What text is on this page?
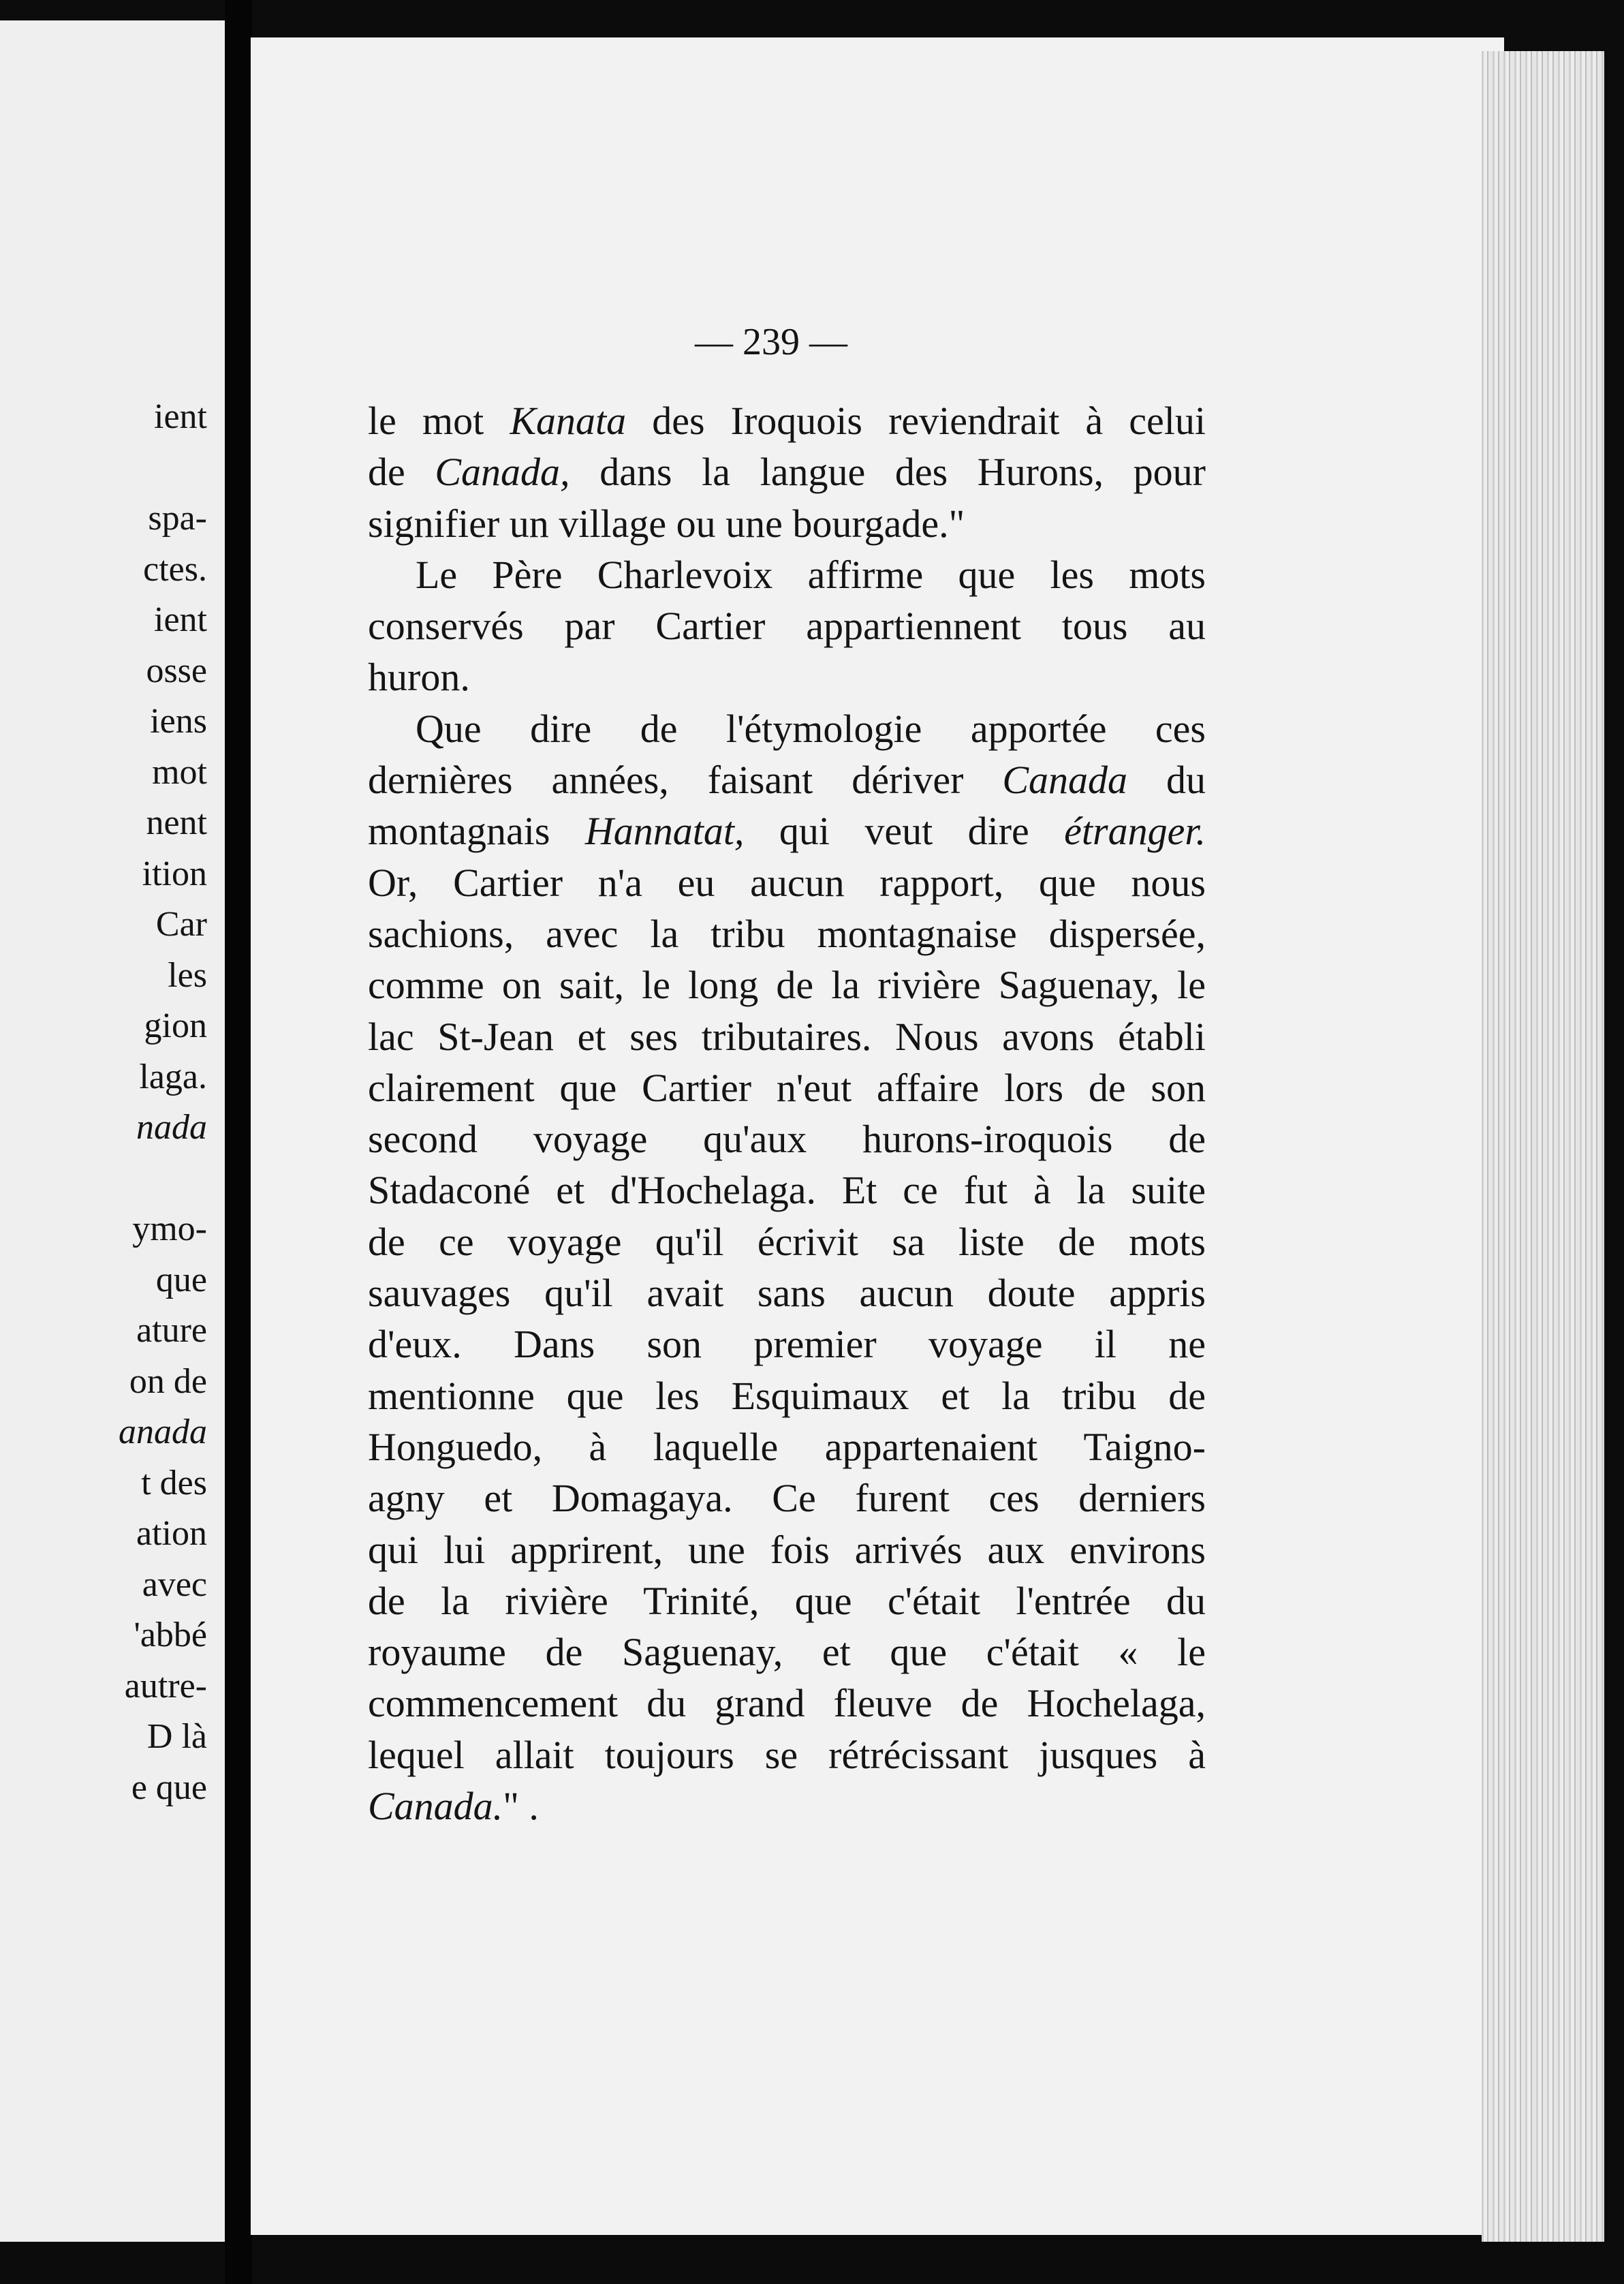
ient

spa-
ctes.
ient
osse
iens
mot
nent
ition
Car
les
gion
laga.
nada

ymo-
que
ature
on de
anada
t des
ation
avec
'abbé
autre-
D là
e que
— 239 —
le mot Kanata des Iroquois reviendrait à celui
de Canada, dans la langue des Hurons, pour
signifier un village ou une bourgade."
Le Père Charlevoix affirme que les mots
conservés par Cartier appartiennent tous au
huron.
Que dire de l'étymologie apportée ces
dernières années, faisant dériver Canada du
montagnais Hannatat, qui veut dire étranger.
Or, Cartier n'a eu aucun rapport, que nous
sachions, avec la tribu montagnaise dispersée,
comme on sait, le long de la rivière Saguenay, le
lac St-Jean et ses tributaires. Nous avons établi
clairement que Cartier n'eut affaire lors de son
second voyage qu'aux hurons-iroquois de
Stadaconé et d'Hochelaga. Et ce fut à la suite
de ce voyage qu'il écrivit sa liste de mots
sauvages qu'il avait sans aucun doute appris
d'eux. Dans son premier voyage il ne
mentionne que les Esquimaux et la tribu de
Honguedo, à laquelle appartenaient Taigno-
agny et Domagaya. Ce furent ces derniers
qui lui apprirent, une fois arrivés aux environs
de la rivière Trinité, que c'était l'entrée du
royaume de Saguenay, et que c'était « le
commencement du grand fleuve de Hochelaga,
lequel allait toujours se rétrécissant jusques à
Canada." .
